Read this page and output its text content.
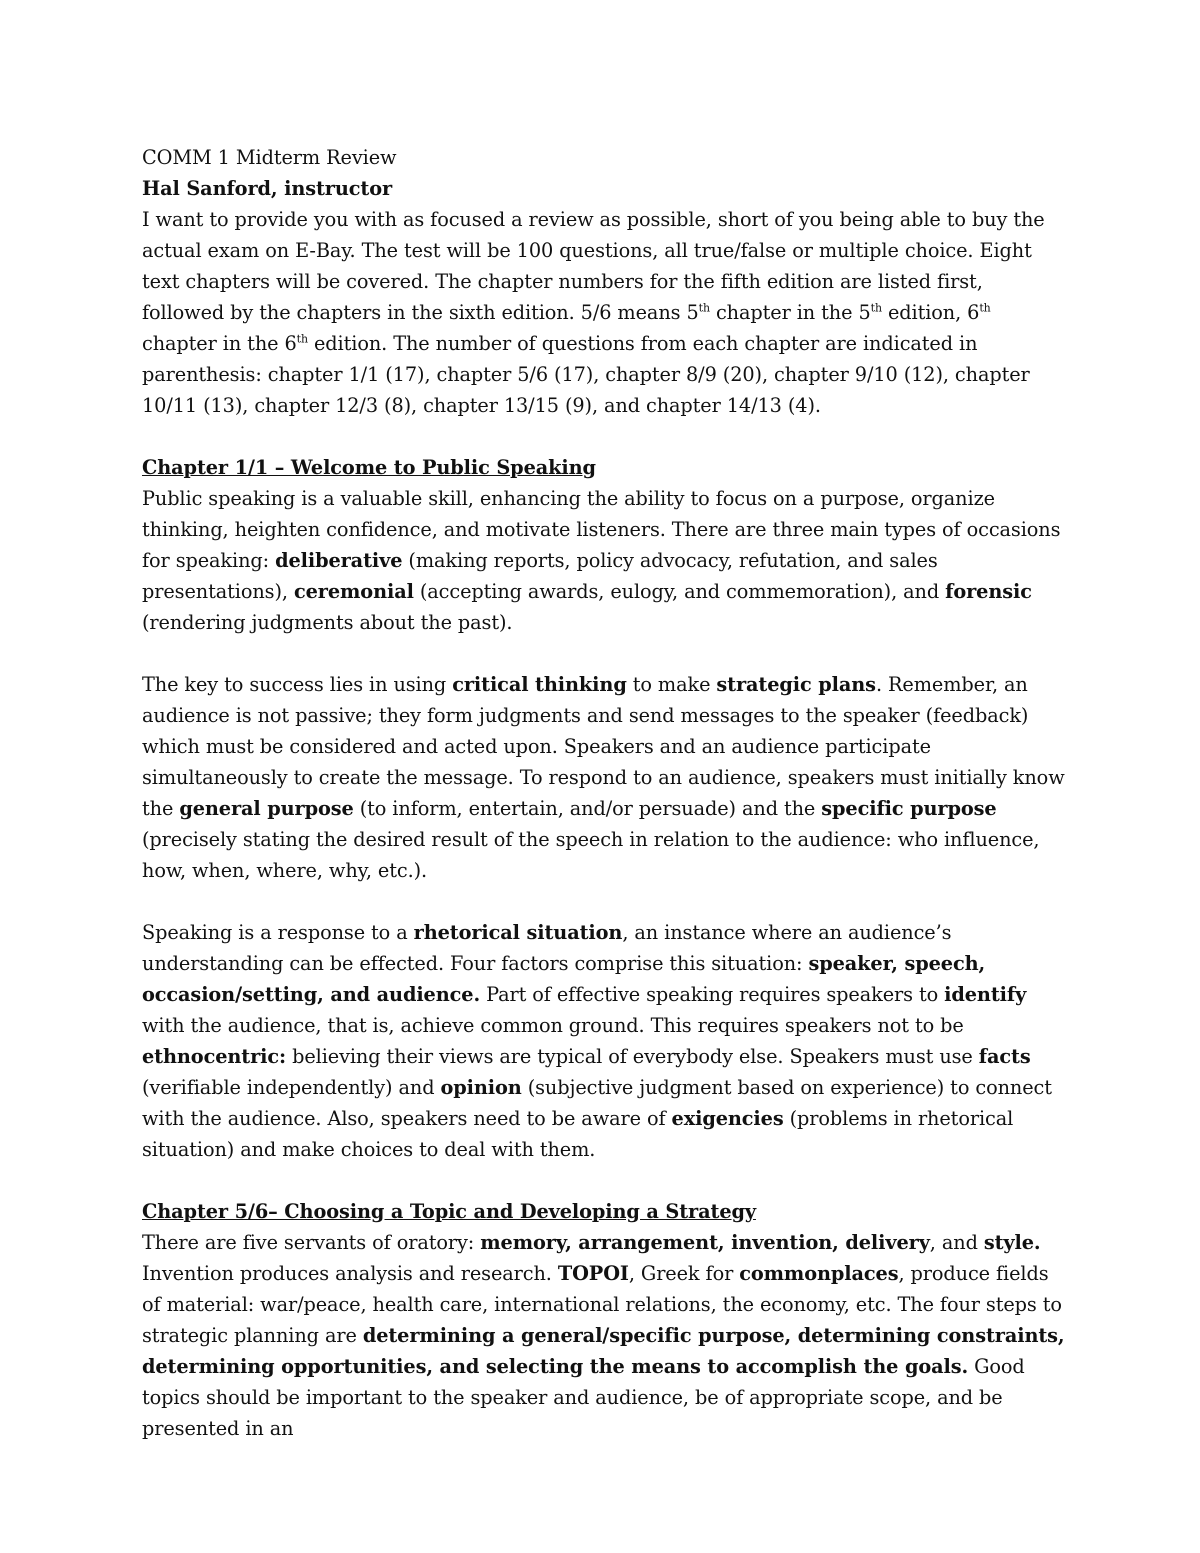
COMM 1 Midterm Review

Hal Sanford, instructor

I want to provide you with as focused a review as possible, short of you being able to buy the actual exam on E-Bay. The test will be 100 questions, all true/false or multiple choice. Eight text chapters will be covered. The chapter numbers for the fifth edition are listed first, followed by the chapters in the sixth edition. 5/6 means 5th chapter in the 5th edition, 6th chapter in the 6th edition. The number of questions from each chapter are indicated in parenthesis: chapter 1/1 (17), chapter 5/6 (17), chapter 8/9 (20), chapter 9/10 (12), chapter 10/11 (13), chapter 12/3 (8), chapter 13/15 (9), and chapter 14/13 (4).

Chapter 1/1 – Welcome to Public Speaking

Public speaking is a valuable skill, enhancing the ability to focus on a purpose, organize thinking, heighten confidence, and motivate listeners. There are three main types of occasions for speaking: deliberative (making reports, policy advocacy, refutation, and sales presentations), ceremonial (accepting awards, eulogy, and commemoration), and forensic (rendering judgments about the past).

The key to success lies in using critical thinking to make strategic plans. Remember, an audience is not passive; they form judgments and send messages to the speaker (feedback) which must be considered and acted upon. Speakers and an audience participate simultaneously to create the message. To respond to an audience, speakers must initially know the general purpose (to inform, entertain, and/or persuade) and the specific purpose (precisely stating the desired result of the speech in relation to the audience: who influence, how, when, where, why, etc.).

Speaking is a response to a rhetorical situation, an instance where an audience’s understanding can be effected. Four factors comprise this situation: speaker, speech, occasion/setting, and audience. Part of effective speaking requires speakers to identify with the audience, that is, achieve common ground. This requires speakers not to be ethnocentric: believing their views are typical of everybody else. Speakers must use facts (verifiable independently) and opinion (subjective judgment based on experience) to connect with the audience. Also, speakers need to be aware of exigencies (problems in rhetorical situation) and make choices to deal with them.

Chapter 5/6– Choosing a Topic and Developing a Strategy

There are five servants of oratory: memory, arrangement, invention, delivery, and style. Invention produces analysis and research. TOPOI, Greek for commonplaces, produce fields of material: war/peace, health care, international relations, the economy, etc. The four steps to strategic planning are determining a general/specific purpose, determining constraints, determining opportunities, and selecting the means to accomplish the goals. Good topics should be important to the speaker and audience, be of appropriate scope, and be presented in an
